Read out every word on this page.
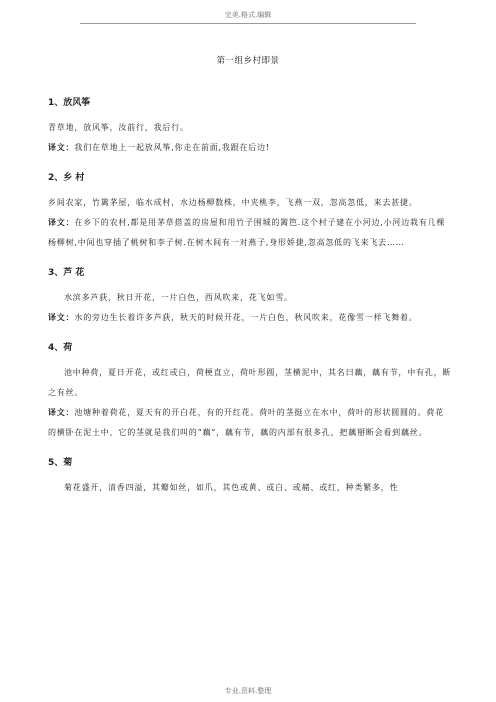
完美.格式.编辑
第一组乡村即景
1、放风筝

青草地，放风筝，汝前行，我后行。

译文：我们在草地上一起放风筝,你走在前面,我跟在后边!

2、乡 村

乡间农家，竹篱茅屋，临水成村，水边杨柳数株，中夹桃李，飞燕一双，忽高忽低，来去甚捷。

译文：在乡下的农村,都是用茅草搭盖的房屋和用竹子围城的篱笆.这个村子建在小河边,小河边栽有几棵杨柳树,中间也穿插了桃树和李子树.在树木间有一对燕子,身形娇捷,忽高忽低的飞来飞去……

3、芦 花

水滨多芦荻，秋日开花，一片白色，西风吹来，花飞如雪。

译文：水的旁边生长着许多芦荻，秋天的时候开花，一片白色，秋风吹来，花像雪一样飞舞着。

4、荷

池中种荷，夏日开花，或红或白，荷梗直立，荷叶形圆，茎横泥中，其名曰藕，藕有节，中有孔，断之有丝。

译文：池塘种着荷花，夏天有的开白花，有的开红花。荷叶的茎挺立在水中，荷叶的形状圆圆的。荷花的横卧在泥土中，它的茎就是我们叫的“藕”，藕有节，藕的内部有很多孔，把藕掰断会看到藕丝。

5、菊

菊花盛开，清香四溢，其瓣如丝，如爪，其色或黄、或白、或赭、或红，种类繁多，性

专业.资料.整理
